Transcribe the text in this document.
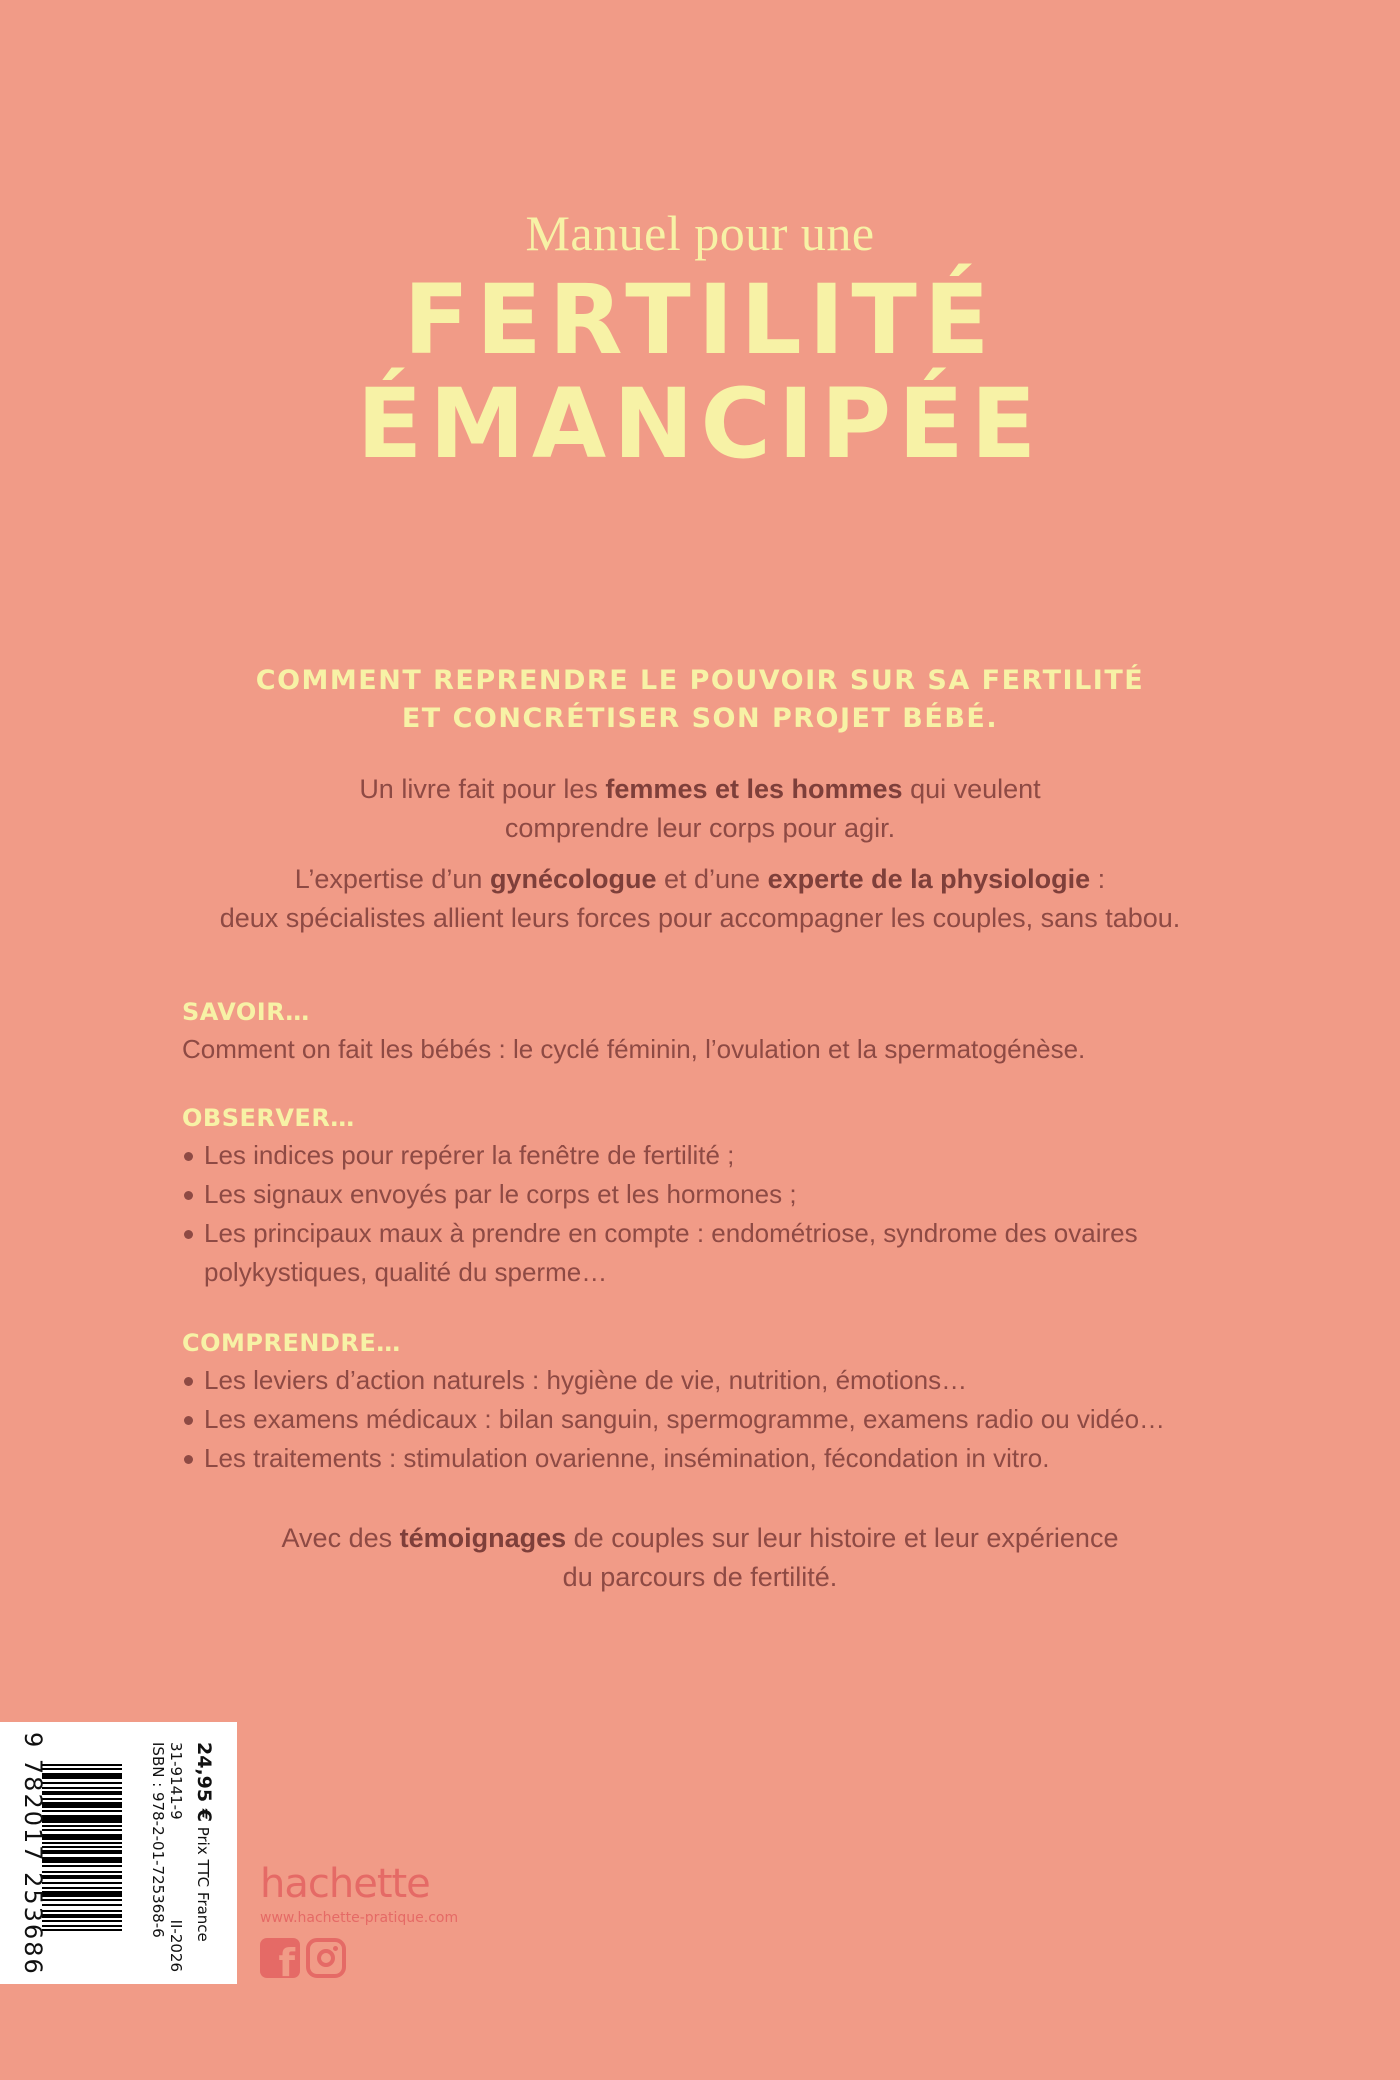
Manuel pour une
FERTILITÉ
ÉMANCIPÉE
COMMENT REPRENDRE LE POUVOIR SUR SA FERTILITÉ
ET CONCRÉTISER SON PROJET BÉBÉ.
Un livre fait pour les femmes et les hommes qui veulent
comprendre leur corps pour agir.
L’expertise d’un gynécologue et d’une experte de la physiologie :
deux spécialistes allient leurs forces pour accompagner les couples, sans tabou.
SAVOIR…
Comment on fait les bébés : le cyclé féminin, l’ovulation et la spermatogénèse.
OBSERVER…
Les indices pour repérer la fenêtre de fertilité ;
Les signaux envoyés par le corps et les hormones ;
Les principaux maux à prendre en compte : endométriose, syndrome des ovaires polykystiques, qualité du sperme…
COMPRENDRE…
Les leviers d’action naturels : hygiène de vie, nutrition, émotions…
Les examens médicaux : bilan sanguin, spermogramme, examens radio ou vidéo…
Les traitements : stimulation ovarienne, insémination, fécondation in vitro.
Avec des témoignages de couples sur leur histoire et leur expérience
du parcours de fertilité.
24,95 € Prix TTC France
31-9141-9
II-2026
ISBN : 978-2-01-725368-6
9 782017 253686	hachette
www.hachette-pratique.com
f
